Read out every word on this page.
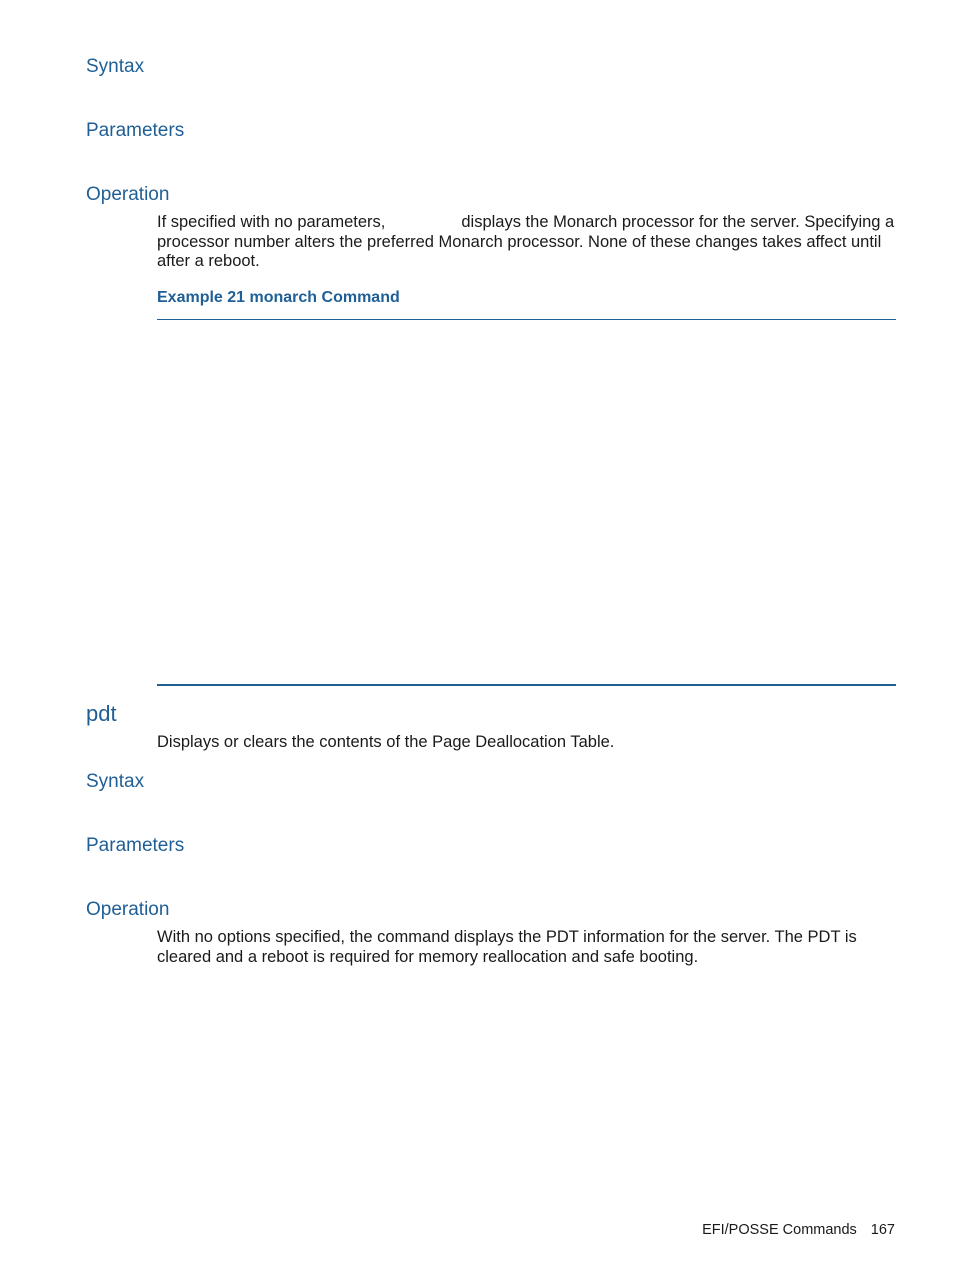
Syntax
Parameters
Operation

If specified with no parameters,	displays the Monarch processor for the server. Specifying a processor number alters the preferred Monarch processor. None of these changes takes affect until after a reboot.

Example 21 monarch Command
pdt

Displays or clears the contents of the Page Deallocation Table.

Syntax
Parameters
Operation

With no options specified, the command displays the PDT information for the server. The PDT is cleared and a reboot is required for memory reallocation and safe booting.

EFI/POSSE Commands 167
